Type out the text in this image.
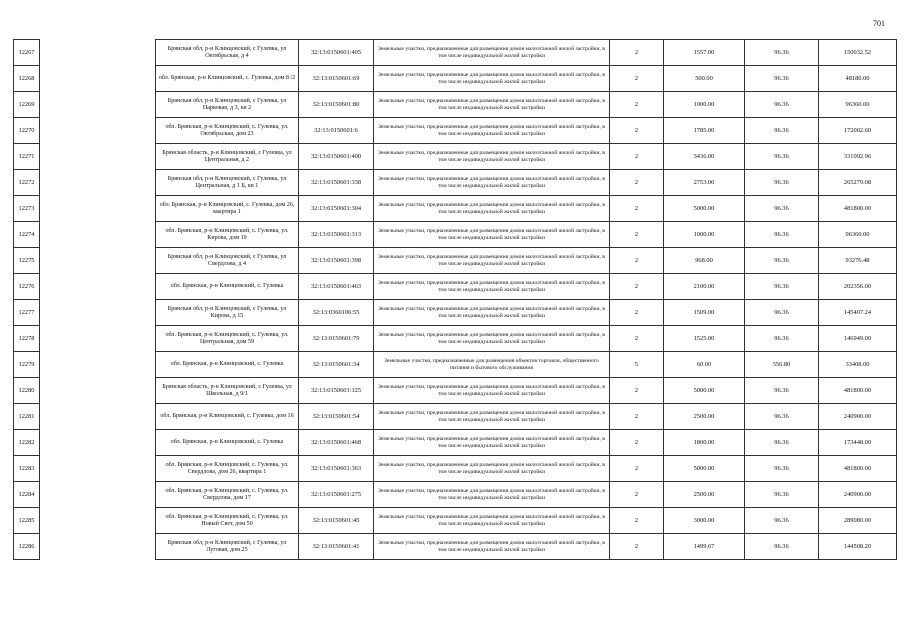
701
12267		Брянская обл, р-н Клинцовский, с Гулевка, ул Октябрьская, д 4	32:13:0150601:405	Земельные участки, предназначенные для размещения домов малоэтажной жилой застройки, в том числе индивидуальной жилой застройки	2	1557.00	96.36	150032.52
12268		обл. Брянская, р-н Клинцовский, с. Гулевка, дом 8 /2	32:13:0150601:69	Земельные участки, предназначенные для размещения домов малоэтажной жилой застройки, в том числе индивидуальной жилой застройки	2	500.00	96.36	48180.00
12269		Брянская обл, р-н Клинцовский, с Гулевка, ул Парковая, д 3, кв 2	32:13:0150601:80	Земельные участки, предназначенные для размещения домов малоэтажной жилой застройки, в том числе индивидуальной жилой застройки	2	1000.00	96.36	96360.00
12270		обл. Брянская, р-н Клинцовский, с. Гулевка, ул. Октябрьская, дом 23	32:13:0150601:6	Земельные участки, предназначенные для размещения домов малоэтажной жилой застройки, в том числе индивидуальной жилой застройки	2	1785.00	96.36	172002.60
12271		Брянская область, р-н Клинцовский, с Гулевка, ул Центральная, д 2	32:13:0150601:400	Земельные участки, предназначенные для размещения домов малоэтажной жилой застройки, в том числе индивидуальной жилой застройки	2	3436.00	96.36	331092.96
12272		Брянская обл, р-н Клинцовский, с Гулевка, ул Центральная, д 1 Б, кв 1	32:13:0150601:338	Земельные участки, предназначенные для размещения домов малоэтажной жилой застройки, в том числе индивидуальной жилой застройки	2	2753.00	96.36	265279.08
12273		обл. Брянская, р-н Клинцовский, с. Гулевка, дом 26, квартира 1	32:13:0150601:304	Земельные участки, предназначенные для размещения домов малоэтажной жилой застройки, в том числе индивидуальной жилой застройки	2	5000.00	96.36	481800.00
12274		обл. Брянская, р-н Клинцовский, с. Гулевка, ул. Кирова, дом 19	32:13:0150601:313	Земельные участки, предназначенные для размещения домов малоэтажной жилой застройки, в том числе индивидуальной жилой застройки	2	1000.00	96.36	96360.00
12275		Брянская обл, р-н Клинцовский, с Гулевка, ул Свердлова, д 4	32:13:0150601:398	Земельные участки, предназначенные для размещения домов малоэтажной жилой застройки, в том числе индивидуальной жилой застройки	2	968.00	96.36	93276.48
12276		обл. Брянская, р-н Клинцовский, с. Гулевка	32:13:0150601:463	Земельные участки, предназначенные для размещения домов малоэтажной жилой застройки, в том числе индивидуальной жилой застройки	2	2100.00	96.36	202356.00
12277		Брянская обл, р-н Клинцовский, с Гулевка, ул Кирова, д 15	32:13:0360106:55	Земельные участки, предназначенные для размещения домов малоэтажной жилой застройки, в том числе индивидуальной жилой застройки	2	1509.00	96.36	145407.24
12278		обл. Брянская, р-н Клинцовский, с. Гулевка, ул. Центральная, дом 59	32:13:0150601:79	Земельные участки, предназначенные для размещения домов малоэтажной жилой застройки, в том числе индивидуальной жилой застройки	2	1525.00	96.36	146949.00
12279		обл. Брянская, р-н Клинцовский, с. Гулевка	32:13:0150601:34	Земельные участки, предназначенные для размещения объектов торговли, общественного питания и бытового обслуживания	5	60.00	556.80	33408.00
12280		Брянская область, р-н Клинцовский, с Гулевка, ул Школьная, д 9/1	32:13:0150601:125	Земельные участки, предназначенные для размещения домов малоэтажной жилой застройки, в том числе индивидуальной жилой застройки	2	5000.00	96.36	481800.00
12281		обл. Брянская, р-н Клинцовский, с. Гулевка, дом 16	32:13:0150601:54	Земельные участки, предназначенные для размещения домов малоэтажной жилой застройки, в том числе индивидуальной жилой застройки	2	2500.00	96.36	240900.00
12282		обл. Брянская, р-н Клинцовский, с. Гулевка	32:13:0150601:468	Земельные участки, предназначенные для размещения домов малоэтажной жилой застройки, в том числе индивидуальной жилой застройки	2	1800.00	96.36	173448.00
12283		обл. Брянская, р-н Клинцовский, с. Гулевка, ул. Свердлова, дом 26, квартира 1	32:13:0150601:363	Земельные участки, предназначенные для размещения домов малоэтажной жилой застройки, в том числе индивидуальной жилой застройки	2	5000.00	96.36	481800.00
12284		обл. Брянская, р-н Клинцовский, с. Гулевка, ул. Свердлова, дом 17	32:13:0150601:275	Земельные участки, предназначенные для размещения домов малоэтажной жилой застройки, в том числе индивидуальной жилой застройки	2	2500.00	96.36	240900.00
12285		обл. Брянская, р-н Клинцовский, с. Гулевка, ул. Новый Свет, дом 50	32:13:0150601:45	Земельные участки, предназначенные для размещения домов малоэтажной жилой застройки, в том числе индивидуальной жилой застройки	2	3000.00	96.36	289080.00
12286		Брянская обл, р-н Клинцовский, с Гулевка, ул Луговая, дом 25	32:13:0150601:41	Земельные участки, предназначенные для размещения домов малоэтажной жилой застройки, в том числе индивидуальной жилой застройки	2	1499.67	96.36	144508.20
